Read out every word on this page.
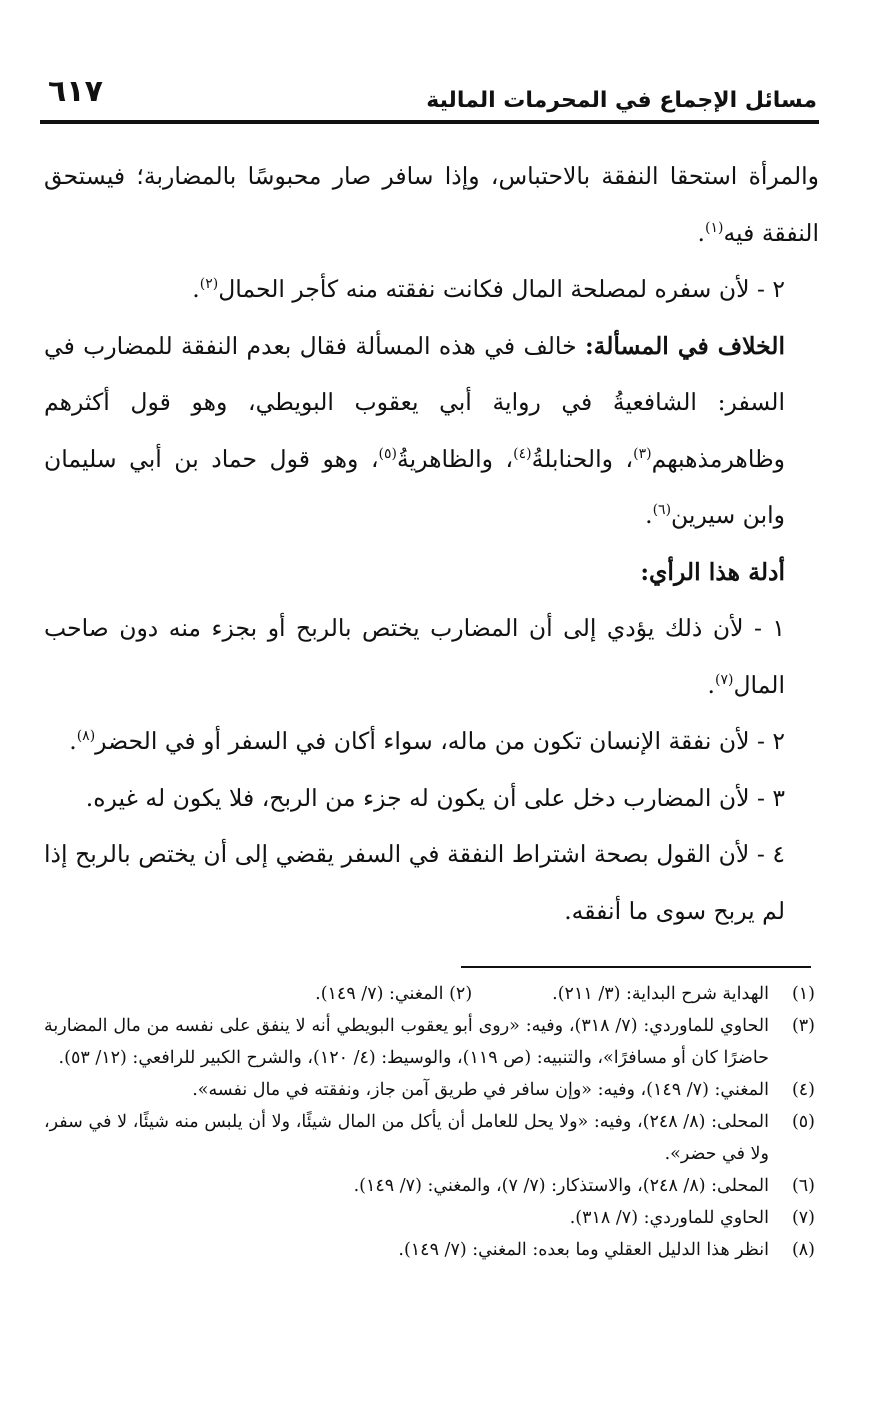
مسائل الإجماع في المحرمات المالية
٦١٧

والمرأة استحقا النفقة بالاحتباس، وإذا سافر صار محبوسًا بالمضاربة؛ فيستحق النفقة فيه$^{(١)}$.

٢ - لأن سفره لمصلحة المال فكانت نفقته منه كأجر الحمال$^{(٢)}$.

الخلاف في المسألة: خالف في هذه المسألة فقال بعدم النفقة للمضارب في السفر: الشافعيةُ في رواية أبي يعقوب البويطي، وهو قول أكثرهم وظاهرمذهبهم$^{(٣)}$، والحنابلةُ$^{(٤)}$، والظاهريةُ$^{(٥)}$، وهو قول حماد بن أبي سليمان وابن سيرين$^{(٦)}$.

أدلة هذا الرأي:

١ - لأن ذلك يؤدي إلى أن المضارب يختص بالربح أو بجزء منه دون صاحب المال$^{(٧)}$.

٢ - لأن نفقة الإنسان تكون من ماله، سواء أكان في السفر أو في الحضر$^{(٨)}$.

٣ - لأن المضارب دخل على أن يكون له جزء من الربح، فلا يكون له غيره.

٤ - لأن القول بصحة اشتراط النفقة في السفر يقضي إلى أن يختص بالربح إذا لم يربح سوى ما أنفقه.

(١)
الهداية شرح البداية: (٣/ ٢١١).
(٢)

المغني: (٧/ ١٤٩).
(٣)
الحاوي للماوردي: (٧/ ٣١٨)، وفيه: «روى أبو يعقوب البويطي أنه لا ينفق على نفسه من مال المضاربة حاضرًا كان أو مسافرًا»، والتنبيه: (ص ١١٩)، والوسيط: (٤/ ١٢٠)، والشرح الكبير للرافعي: (١٢/ ٥٣).
(٤)
المغني: (٧/ ١٤٩)، وفيه: «وإن سافر في طريق آمن جاز، ونفقته في مال نفسه».
(٥)
المحلى: (٨/ ٢٤٨)، وفيه: «ولا يحل للعامل أن يأكل من المال شيئًا، ولا أن يلبس منه شيئًا، لا في سفر، ولا في حضر».
(٦)
المحلى: (٨/ ٢٤٨)، والاستذكار: (٧/ ٧)، والمغني: (٧/ ١٤٩).
(٧)
الحاوي للماوردي: (٧/ ٣١٨).
(٨)
انظر هذا الدليل العقلي وما بعده: المغني: (٧/ ١٤٩).
